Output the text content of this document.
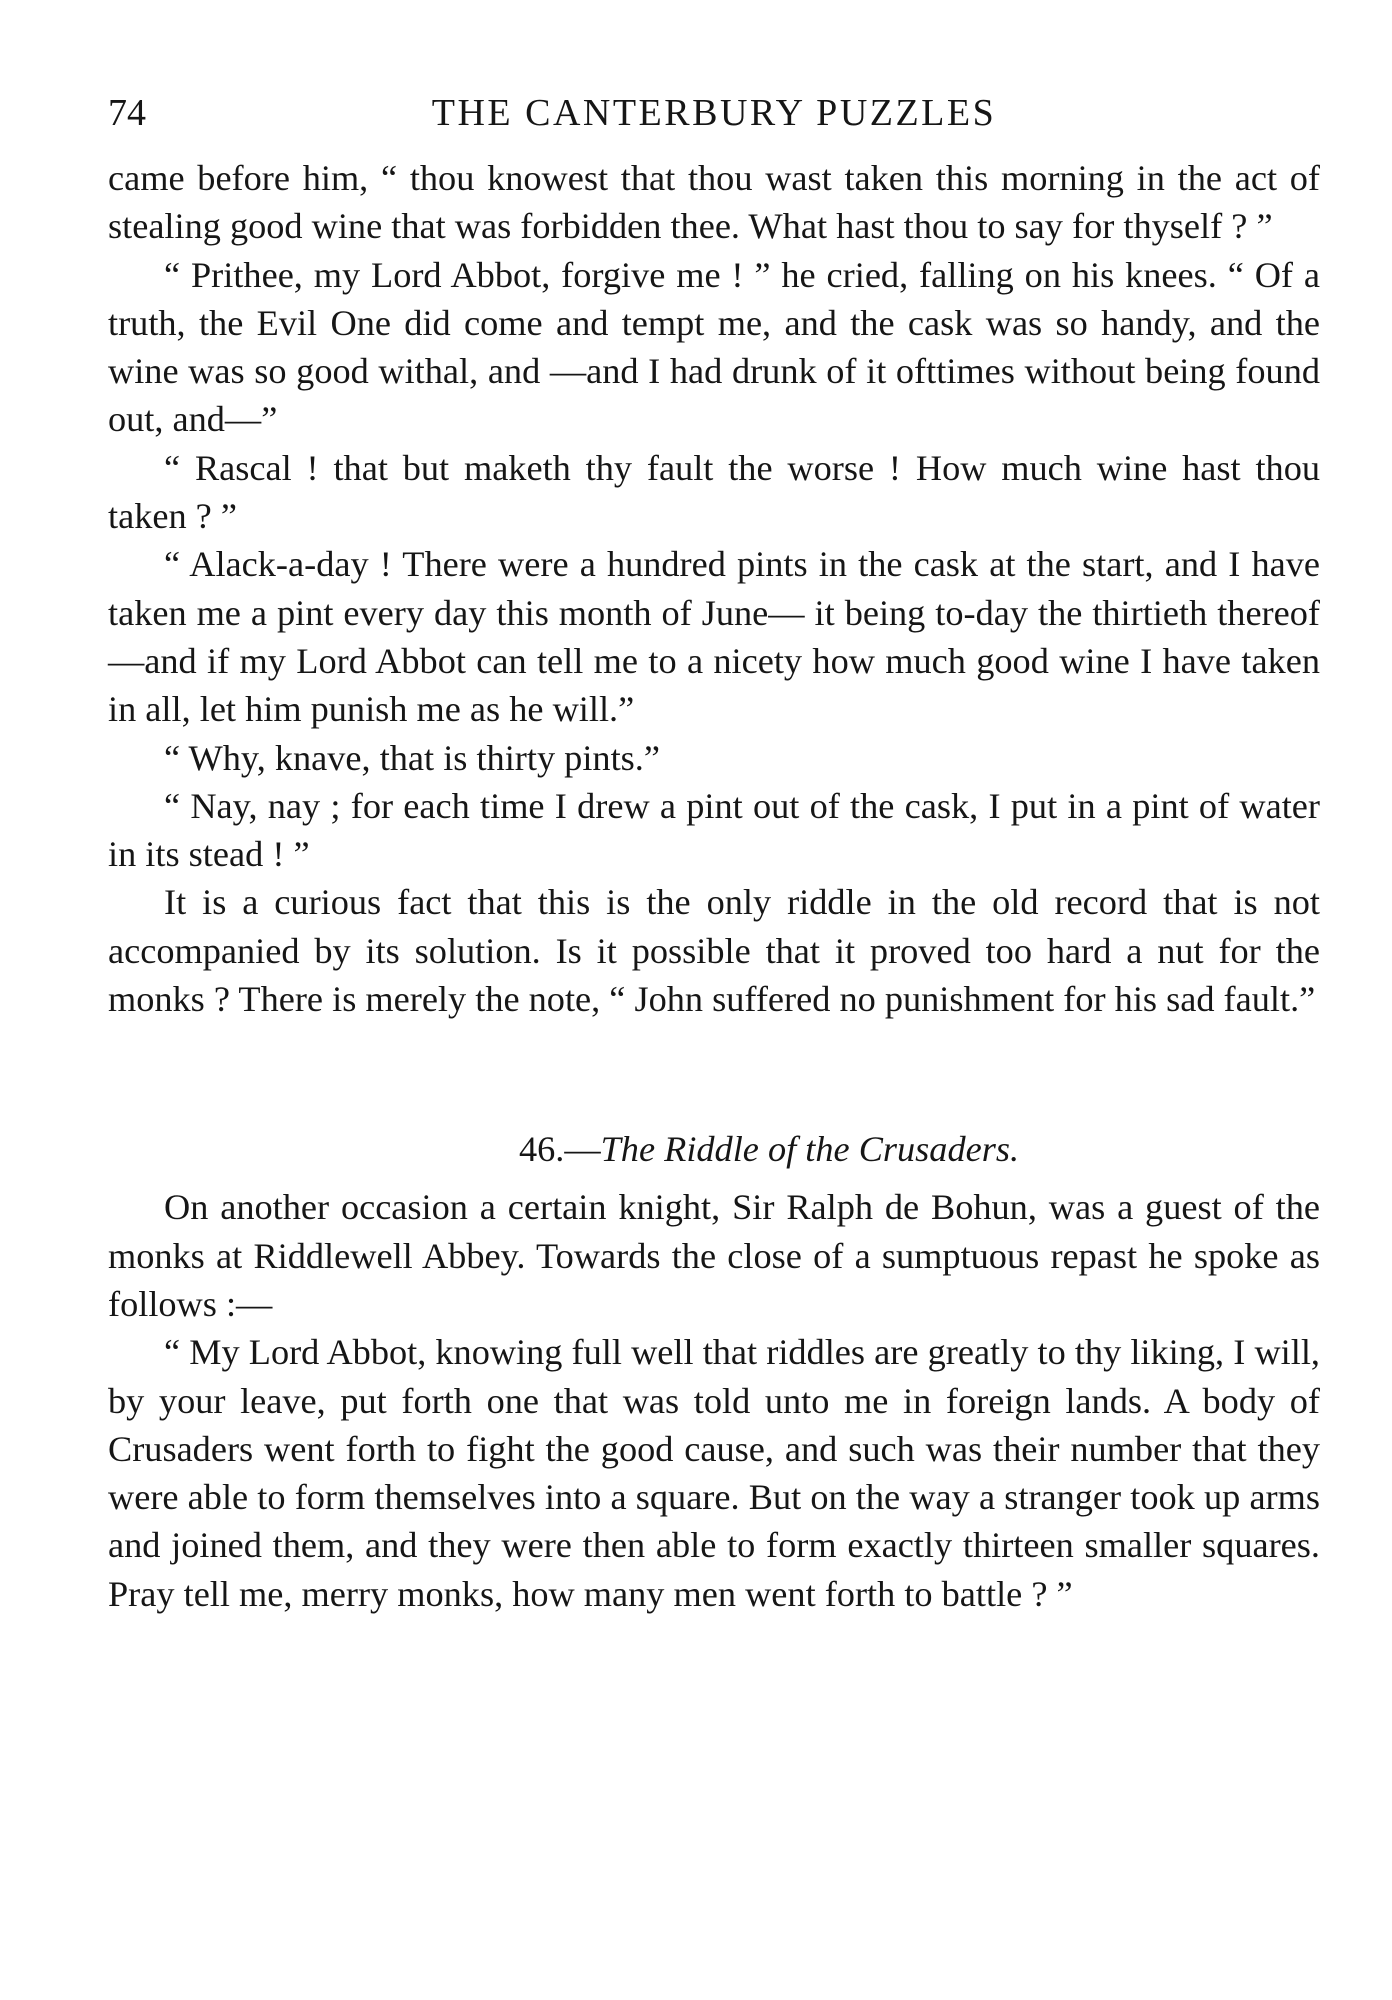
74	THE CANTERBURY PUZZLES

came before him, “ thou knowest that thou wast taken this morning in the act of stealing good wine that was forbidden thee. What hast thou to say for thyself ? ”

“ Prithee, my Lord Abbot, forgive me ! ” he cried, falling on his knees. “ Of a truth, the Evil One did come and tempt me, and the cask was so handy, and the wine was so good withal, and —and I had drunk of it ofttimes without being found out, and—”

“ Rascal ! that but maketh thy fault the worse ! How much wine hast thou taken ? ”

“ Alack-a-day ! There were a hundred pints in the cask at the start, and I have taken me a pint every day this month of June— it being to-day the thirtieth thereof—and if my Lord Abbot can tell me to a nicety how much good wine I have taken in all, let him punish me as he will.”

“ Why, knave, that is thirty pints.”

“ Nay, nay ; for each time I drew a pint out of the cask, I put in a pint of water in its stead ! ”

It is a curious fact that this is the only riddle in the old record that is not accompanied by its solution. Is it possible that it proved too hard a nut for the monks ? There is merely the note, “ John suffered no punishment for his sad fault.”

46.—The Riddle of the Crusaders.

On another occasion a certain knight, Sir Ralph de Bohun, was a guest of the monks at Riddlewell Abbey. Towards the close of a sumptuous repast he spoke as follows :—

“ My Lord Abbot, knowing full well that riddles are greatly to thy liking, I will, by your leave, put forth one that was told unto me in foreign lands. A body of Crusaders went forth to fight the good cause, and such was their number that they were able to form themselves into a square. But on the way a stranger took up arms and joined them, and they were then able to form exactly thirteen smaller squares. Pray tell me, merry monks, how many men went forth to battle ? ”
